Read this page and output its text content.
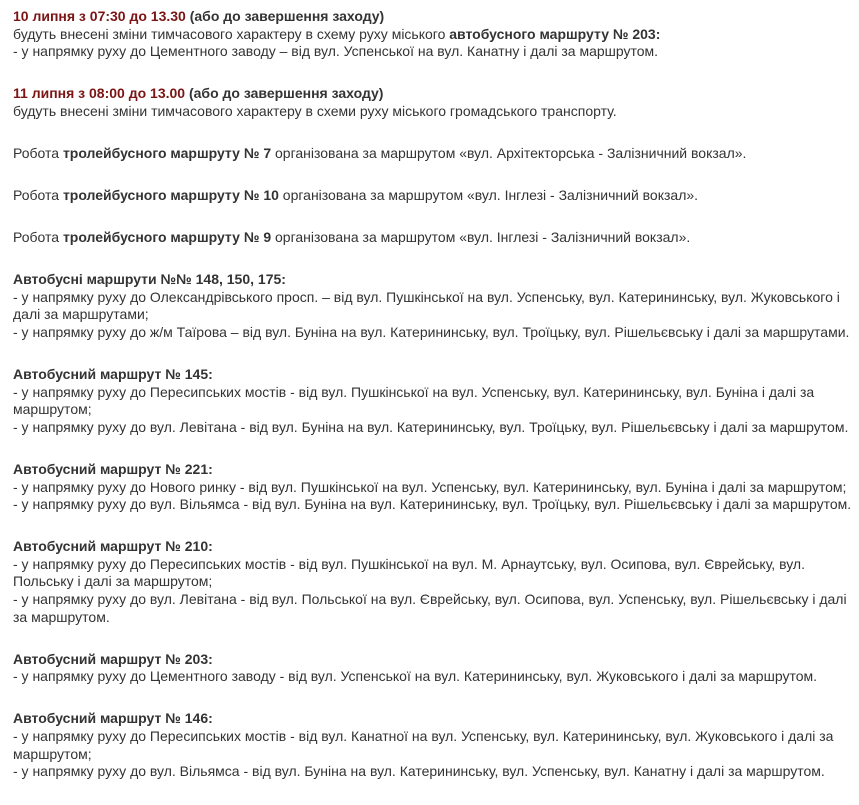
10 липня з 07:30 до 13.30 (або до завершення заходу)
будуть внесені зміни тимчасового характеру в схему руху міського автобусного маршруту № 203:
- у напрямку руху до Цементного заводу – від вул. Успенської на вул. Канатну і далі за маршрутом.

11 липня з 08:00 до 13.00 (або до завершення заходу)
будуть внесені зміни тимчасового характеру в схеми руху міського громадського транспорту.

Робота тролейбусного маршруту № 7 організована за маршрутом «вул. Архітекторська - Залізничний вокзал».

Робота тролейбусного маршруту № 10 організована за маршрутом «вул. Інглезі - Залізничний вокзал».

Робота тролейбусного маршруту № 9 організована за маршрутом «вул. Інглезі - Залізничний вокзал».

Автобусні маршрути №№ 148, 150, 175:
- у напрямку руху до Олександрівського просп. – від вул. Пушкінської на вул. Успенську, вул. Катерининську, вул. Жуковського і далі за маршрутами;
- у напрямку руху до ж/м Таїрова – від вул. Буніна на вул. Катерининську, вул. Троїцьку, вул. Рішельєвську і далі за маршрутами.

Автобусний маршрут № 145:
- у напрямку руху до Пересипських мостів - від вул. Пушкінської на вул. Успенську, вул. Катерининську, вул. Буніна і далі за маршрутом;
- у напрямку руху до вул. Левітана - від вул. Буніна на вул. Катерининську, вул. Троїцьку, вул. Рішельєвську і далі за маршрутом.

Автобусний маршрут № 221:
- у напрямку руху до Нового ринку - від вул. Пушкінської на вул. Успенську, вул. Катерининську, вул. Буніна і далі за маршрутом;
- у напрямку руху до вул. Вільямса - від вул. Буніна на вул. Катерининську, вул. Троїцьку, вул. Рішельєвську і далі за маршрутом.

Автобусний маршрут № 210:
- у напрямку руху до Пересипських мостів - від вул. Пушкінської на вул. М. Арнаутську, вул. Осипова, вул. Єврейську, вул. Польську і далі за маршрутом;
- у напрямку руху до вул. Левітана - від вул. Польської на вул. Єврейську, вул. Осипова, вул. Успенську, вул. Рішельєвську і далі за маршрутом.

Автобусний маршрут № 203:
- у напрямку руху до Цементного заводу - від вул. Успенської на вул. Катерининську, вул. Жуковського і далі за маршрутом.

Автобусний маршрут № 146:
- у напрямку руху до Пересипських мостів - від вул. Канатної на вул. Успенську, вул. Катерининську, вул. Жуковського і далі за маршрутом;
- у напрямку руху до вул. Вільямса - від вул. Буніна на вул. Катерининську, вул. Успенську, вул. Канатну і далі за маршрутом.
